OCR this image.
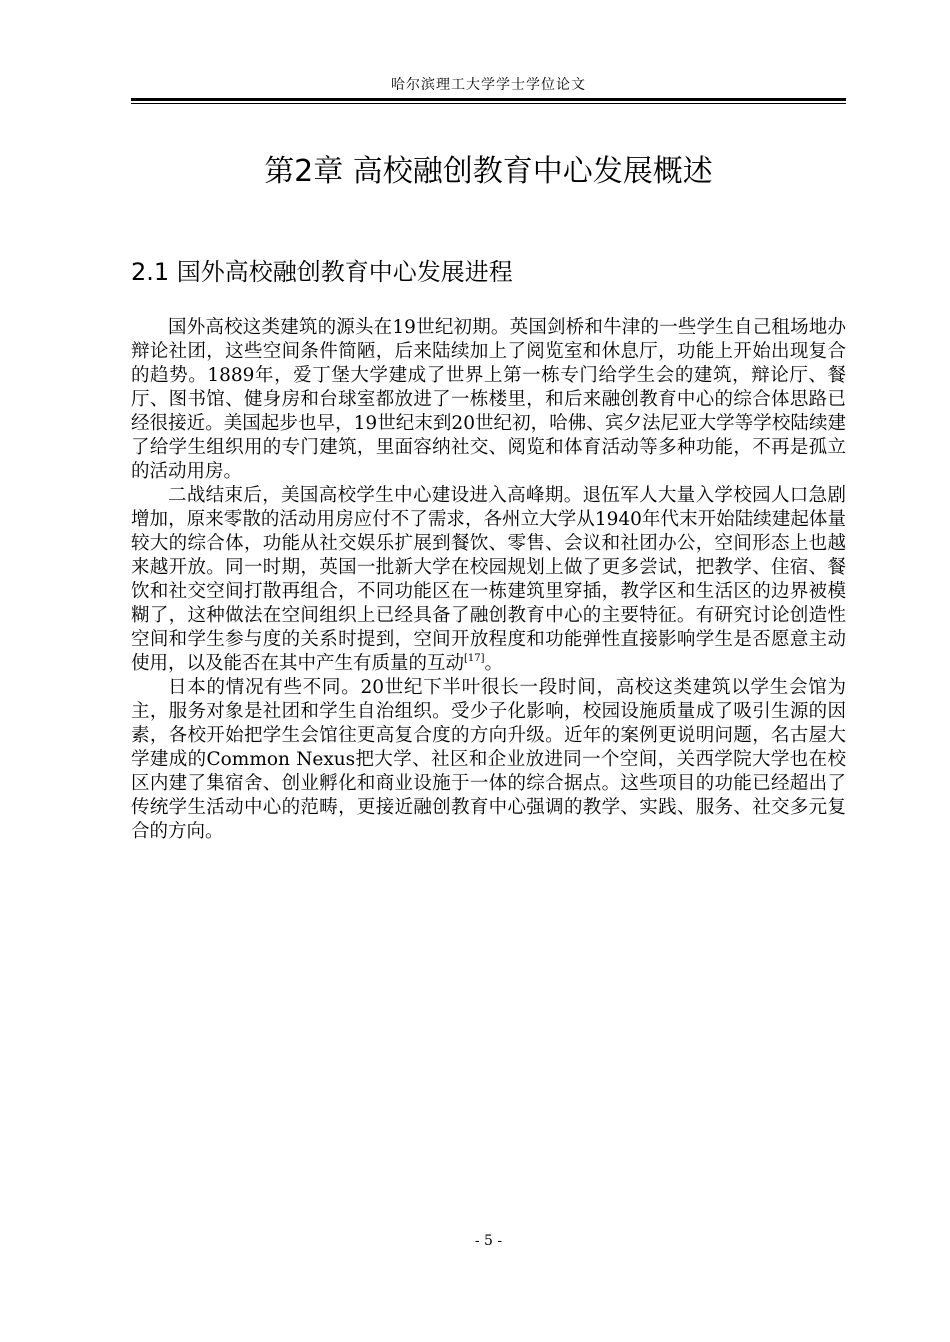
哈尔滨理工大学学士学位论文
第2章 高校融创教育中心发展概述
2.1 国外高校融创教育中心发展进程

国外高校这类建筑的源头在19世纪初期。英国剑桥和牛津的一些学生自己租场地办辩论社团，这些空间条件简陋，后来陆续加上了阅览室和休息厅，功能上开始出现复合的趋势。1889年，爱丁堡大学建成了世界上第一栋专门给学生会的建筑，辩论厅、餐厅、图书馆、健身房和台球室都放进了一栋楼里，和后来融创教育中心的综合体思路已经很接近。美国起步也早，19世纪末到20世纪初，哈佛、宾夕法尼亚大学等学校陆续建了给学生组织用的专门建筑，里面容纳社交、阅览和体育活动等多种功能，不再是孤立的活动用房。

二战结束后，美国高校学生中心建设进入高峰期。退伍军人大量入学校园人口急剧增加，原来零散的活动用房应付不了需求，各州立大学从1940年代末开始陆续建起体量较大的综合体，功能从社交娱乐扩展到餐饮、零售、会议和社团办公，空间形态上也越来越开放。同一时期，英国一批新大学在校园规划上做了更多尝试，把教学、住宿、餐饮和社交空间打散再组合，不同功能区在一栋建筑里穿插，教学区和生活区的边界被模糊了，这种做法在空间组织上已经具备了融创教育中心的主要特征。有研究讨论创造性空间和学生参与度的关系时提到，空间开放程度和功能弹性直接影响学生是否愿意主动使用，以及能否在其中产生有质量的互动[17]。

日本的情况有些不同。20世纪下半叶很长一段时间，高校这类建筑以学生会馆为主，服务对象是社团和学生自治组织。受少子化影响，校园设施质量成了吸引生源的因素，各校开始把学生会馆往更高复合度的方向升级。近年的案例更说明问题，名古屋大学建成的Common Nexus把大学、社区和企业放进同一个空间，关西学院大学也在校区内建了集宿舍、创业孵化和商业设施于一体的综合据点。这些项目的功能已经超出了传统学生活动中心的范畴，更接近融创教育中心强调的教学、实践、服务、社交多元复合的方向。

- 5 -
